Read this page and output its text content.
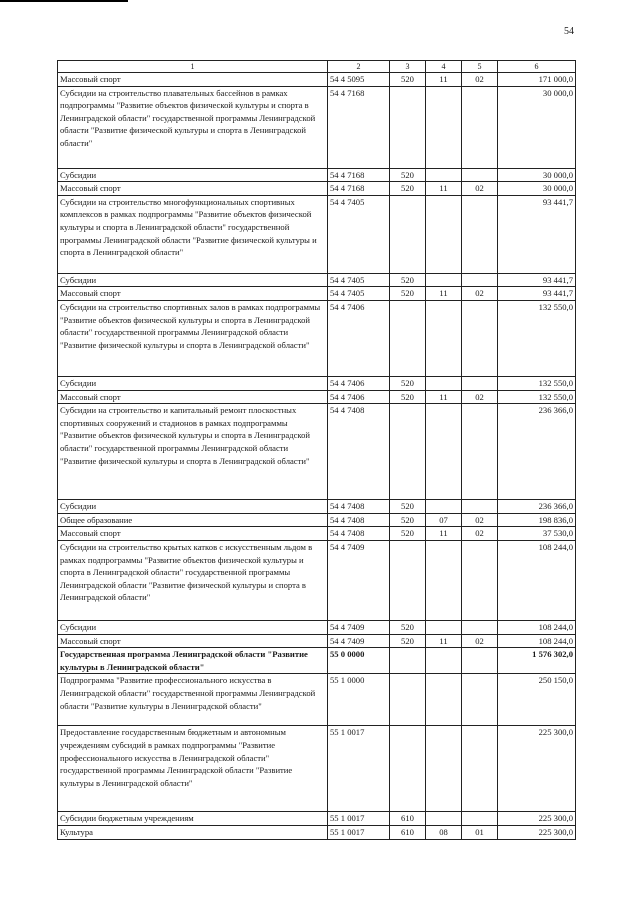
54
1	2	3	4	5	6
Массовый спорт	54 4 5095	520	11	02	171 000,0
Субсидии на строительство плавательных бассейнов в рамках подпрограммы "Развитие объектов физической культуры и спорта в Ленинградской области" государственной программы Ленинградской области "Развитие физической культуры и спорта в Ленинградской области"	54 4 7168				30 000,0
Субсидии	54 4 7168	520			30 000,0
Массовый спорт	54 4 7168	520	11	02	30 000,0
Субсидии на строительство многофункциональных спортивных комплексов в рамках подпрограммы "Развитие объектов физической культуры и спорта в Ленинградской области" государственной программы Ленинградской области "Развитие физической культуры и спорта в Ленинградской области"	54 4 7405				93 441,7
Субсидии	54 4 7405	520			93 441,7
Массовый спорт	54 4 7405	520	11	02	93 441,7
Субсидии на строительство спортивных залов в рамках подпрограммы "Развитие объектов физической культуры и спорта в Ленинградской области" государственной программы Ленинградской области "Развитие физической культуры и спорта в Ленинградской области"	54 4 7406				132 550,0
Субсидии	54 4 7406	520			132 550,0
Массовый спорт	54 4 7406	520	11	02	132 550,0
Субсидии на строительство и капитальный ремонт плоскостных спортивных сооружений и стадионов в рамках подпрограммы "Развитие объектов физической культуры и спорта в Ленинградской области" государственной программы Ленинградской области "Развитие физической культуры и спорта в Ленинградской области"	54 4 7408				236 366,0
Субсидии	54 4 7408	520			236 366,0
Общее образование	54 4 7408	520	07	02	198 836,0
Массовый спорт	54 4 7408	520	11	02	37 530,0
Субсидии на строительство крытых катков с искусственным льдом в рамках подпрограммы "Развитие объектов физической культуры и спорта в Ленинградской области" государственной программы Ленинградской области "Развитие физической культуры и спорта в Ленинградской области"	54 4 7409				108 244,0
Субсидии	54 4 7409	520			108 244,0
Массовый спорт	54 4 7409	520	11	02	108 244,0
Государственная программа Ленинградской области "Развитие культуры в Ленинградской области"	55 0 0000				1 576 302,0
Подпрограмма "Развитие профессионального искусства в Ленинградской области" государственной программы Ленинградской области "Развитие культуры в Ленинградской области"	55 1 0000				250 150,0
Предоставление государственным бюджетным и автономным учреждениям субсидий в рамках подпрограммы "Развитие профессионального искусства в Ленинградской области" государственной программы Ленинградской области "Развитие культуры в Ленинградской области"	55 1 0017				225 300,0
Субсидии бюджетным учреждениям	55 1 0017	610			225 300,0
Культура	55 1 0017	610	08	01	225 300,0
